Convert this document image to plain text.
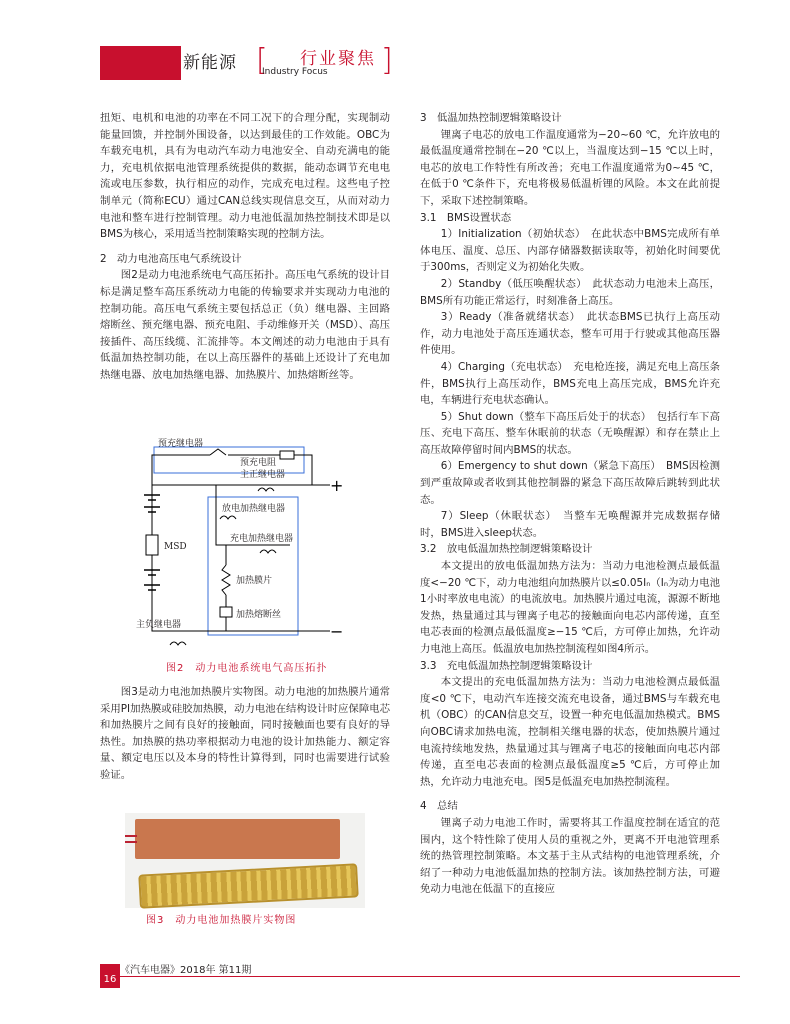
新能源 [ 行业聚焦
Industry Focus ]

扭矩、电机和电池的功率在不同工况下的合理分配，实现制动能量回馈，并控制外围设备，以达到最佳的工作效能。OBC为车载充电机，具有为电动汽车动力电池安全、自动充满电的能力，充电机依据电池管理系统提供的数据，能动态调节充电电流或电压参数，执行相应的动作，完成充电过程。这些电子控制单元（简称ECU）通过CAN总线实现信息交互，从而对动力电池和整车进行控制管理。动力电池低温加热控制技术即是以BMS为核心，采用适当控制策略实现的控制方法。

2　动力电池高压电气系统设计

图2是动力电池系统电气高压拓扑。高压电气系统的设计目标是满足整车高压系统动力电能的传输要求并实现动力电池的控制功能。高压电气系统主要包括总正（负）继电器、主回路熔断丝、预充继电器、预充电阻、手动维修开关（MSD）、高压接插件、高压线缆、汇流排等。本文阐述的动力电池由于具有低温加热控制功能，在以上高压器件的基础上还设计了充电加热继电器、放电加热继电器、加热膜片、加热熔断丝等。

预充继电器
预充电阻
主正继电器
放电加热继电器
充电加热继电器
MSD
加热膜片
加热熔断丝
主负继电器
+
−
图2　动力电池系统电气高压拓扑

图3是动力电池加热膜片实物图。动力电池的加热膜片通常采用PI加热膜或硅胶加热膜，动力电池在结构设计时应保障电芯和加热膜片之间有良好的接触面，同时接触面也要有良好的导热性。加热膜的热功率根据动力电池的设计加热能力、额定容量、额定电压以及本身的特性计算得到，同时也需要进行试验验证。

图3　动力电池加热膜片实物图

3　低温加热控制逻辑策略设计

锂离子电芯的放电工作温度通常为−20~60 ℃，允许放电的最低温度通常控制在−20 ℃以上，当温度达到−15 ℃以上时，电芯的放电工作特性有所改善；充电工作温度通常为0~45 ℃，在低于0 ℃条件下，充电将极易低温析锂的风险。本文在此前提下，采取下述控制策略。

3.1　BMS设置状态

1）Initialization（初始状态）　在此状态中BMS完成所有单体电压、温度、总压、内部存储器数据读取等，初始化时间要优于300ms，否则定义为初始化失败。

2）Standby（低压唤醒状态）　此状态动力电池未上高压，BMS所有功能正常运行，时刻准备上高压。

3）Ready（准备就绪状态）　此状态BMS已执行上高压动作，动力电池处于高压连通状态，整车可用于行驶或其他高压器件使用。

4）Charging（充电状态）　充电枪连接，满足充电上高压条件，BMS执行上高压动作，BMS充电上高压完成，BMS允许充电，车辆进行充电状态确认。

5）Shut down（整车下高压后处于的状态）　包括行车下高压、充电下高压、整车休眠前的状态（无唤醒源）和存在禁止上高压故障停留时间内BMS的状态。

6）Emergency to shut down（紧急下高压）　BMS因检测到严重故障或者收到其他控制器的紧急下高压故障后跳转到此状态。

7）Sleep（休眠状态）　当整车无唤醒源并完成数据存储时，BMS进入sleep状态。

3.2　放电低温加热控制逻辑策略设计

本文提出的放电低温加热方法为：当动力电池检测点最低温度<−20 ℃下，动力电池组向加热膜片以≤0.05Iₙ（Iₙ为动力电池1小时率放电电流）的电流放电。加热膜片通过电流，源源不断地发热，热量通过其与锂离子电芯的接触面向电芯内部传递，直至电芯表面的检测点最低温度≥−15 ℃后，方可停止加热，允许动力电池上高压。低温放电加热控制流程如图4所示。

3.3　充电低温加热控制逻辑策略设计

本文提出的充电低温加热方法为：当动力电池检测点最低温度<0 ℃下，电动汽车连接交流充电设备，通过BMS与车载充电机（OBC）的CAN信息交互，设置一种充电低温加热模式。BMS向OBC请求加热电流，控制相关继电器的状态，使加热膜片通过电流持续地发热，热量通过其与锂离子电芯的接触面向电芯内部传递，直至电芯表面的检测点最低温度≥5 ℃后，方可停止加热，允许动力电池充电。图5是低温充电加热控制流程。

4　总结

锂离子动力电池工作时，需要将其工作温度控制在适宜的范围内，这个特性除了使用人员的重视之外，更离不开电池管理系统的热管理控制策略。本文基于主从式结构的电池管理系统，介绍了一种动力电池低温加热的控制方法。该加热控制方法，可避免动力电池在低温下的直接应

《汽车电器》2018年 第11期
16
